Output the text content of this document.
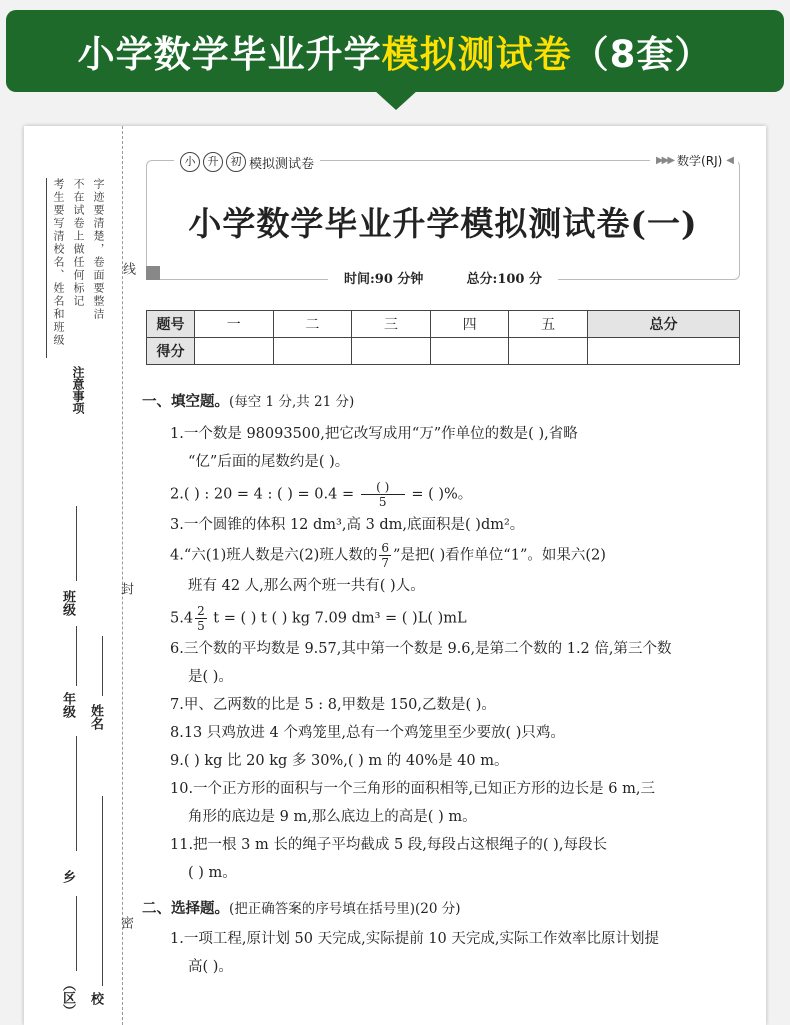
小学数学毕业升学 模拟测试卷 （8套）
考生要写清校名、姓名和班级 不在试卷上做任何标记 字迹要清楚，卷面要整洁
注意事项
线
班级
年级
乡
（区）
姓名
校
封
密
小	升	初 模拟测试卷	▶▶▶ 数学(RJ) ◀
小学数学毕业升学模拟测试卷(一)
时间:90 分钟	总分:100 分
题号	一	二	三	四	五	总分
得分						
一、填空题。(每空 1 分,共 21 分)
1.一个数是 98093500,把它改写成用“万”作单位的数是( ),省略
“亿”后面的尾数约是( )。
2.( ) : 20 = 4 : ( ) = $0.4 = \frac{( )}{5}$ = ( )%。
3.一个圆锥的体积 12 dm³,高 3 dm,底面积是( )dm²。
4.“六(1)班人数是六(2)班人数的 $\frac{6}{7}$ ”是把( )看作单位“1”。如果六(2)
班有 42 人,那么两个班一共有( )人。
$5.4 \frac{2}{5}$ t = ( ) t ( ) kg 7.09 dm³ = ( )L( )mL
6.三个数的平均数是 9.57,其中第一个数是 9.6,是第二个数的 1.2 倍,第三个数
是( )。
7.甲、乙两数的比是 5 : 8,甲数是 150,乙数是( )。
8.13 只鸡放进 4 个鸡笼里,总有一个鸡笼里至少要放( )只鸡。
9.( ) kg 比 20 kg 多 30%,( ) m 的 40%是 40 m。
10.一个正方形的面积与一个三角形的面积相等,已知正方形的边长是 6 m,三
角形的底边是 9 m,那么底边上的高是( ) m。
11.把一根 3 m 长的绳子平均截成 5 段,每段占这根绳子的( ),每段长
( ) m。
二、选择题。(把正确答案的序号填在括号里)(20 分)
1.一项工程,原计划 50 天完成,实际提前 10 天完成,实际工作效率比原计划提
高( )。
